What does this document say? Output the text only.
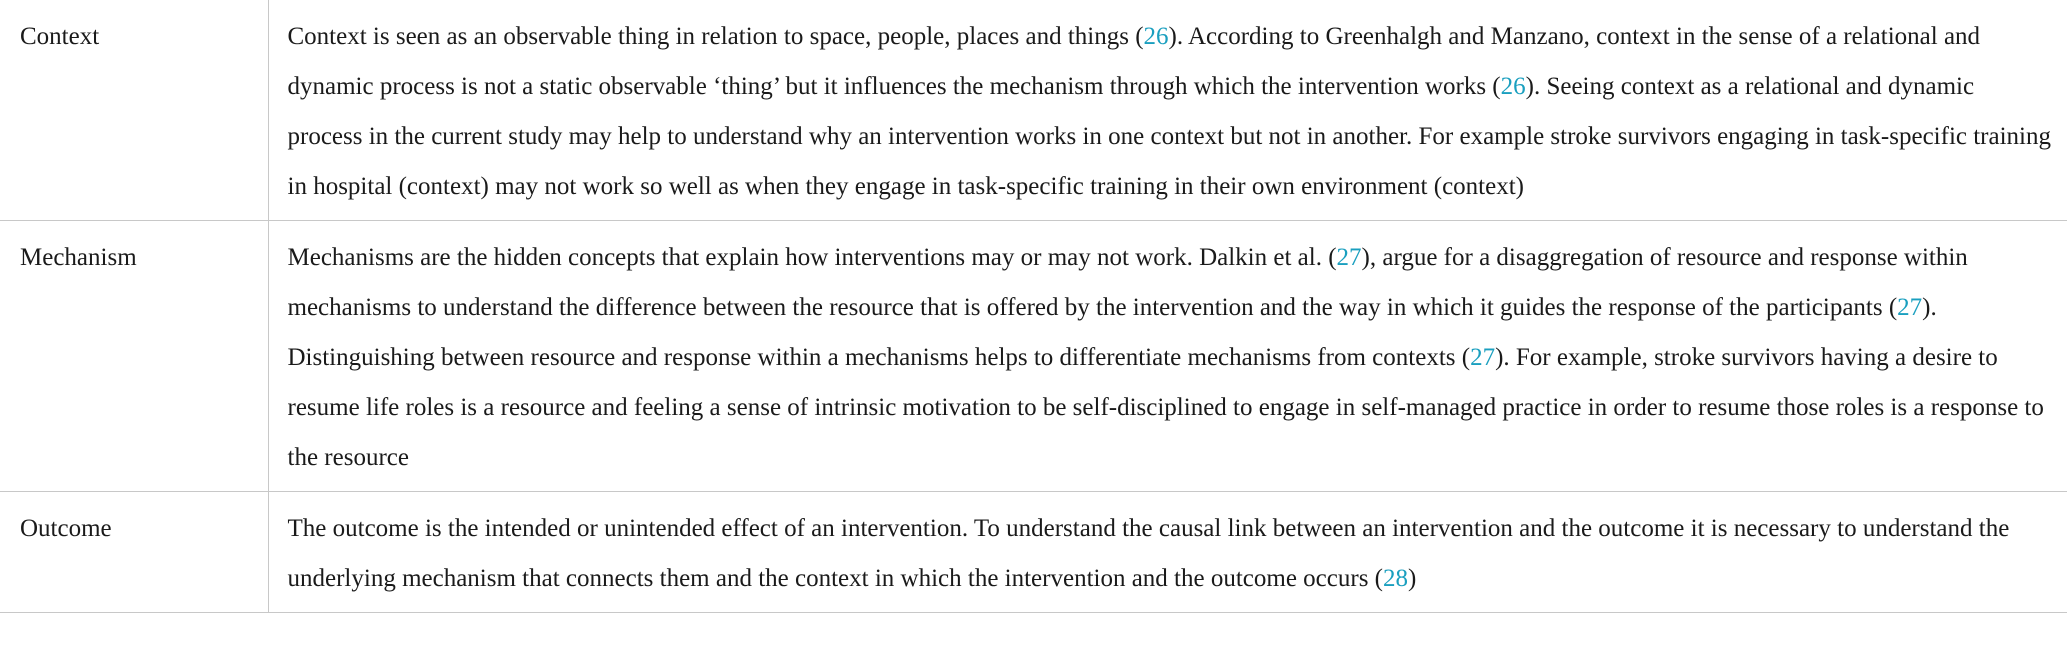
Context	Context is seen as an observable thing in relation to space, people, places and things (26). According to Greenhalgh and Manzano, context in the sense of a relational and dynamic process is not a static observable ‘thing’ but it influences the mechanism through which the intervention works (26). Seeing context as a relational and dynamic process in the current study may help to understand why an intervention works in one context but not in another. For example stroke survivors engaging in task-specific training in hospital (context) may not work so well as when they engage in task-specific training in their own environment (context)
Mechanism	Mechanisms are the hidden concepts that explain how interventions may or may not work. Dalkin et al. (27), argue for a disaggregation of resource and response within mechanisms to understand the difference between the resource that is offered by the intervention and the way in which it guides the response of the participants (27). Distinguishing between resource and response within a mechanisms helps to differentiate mechanisms from contexts (27). For example, stroke survivors having a desire to resume life roles is a resource and feeling a sense of intrinsic motivation to be self-disciplined to engage in self-managed practice in order to resume those roles is a response to the resource
Outcome	The outcome is the intended or unintended effect of an intervention. To understand the causal link between an intervention and the outcome it is necessary to understand the underlying mechanism that connects them and the context in which the intervention and the outcome occurs (28)
